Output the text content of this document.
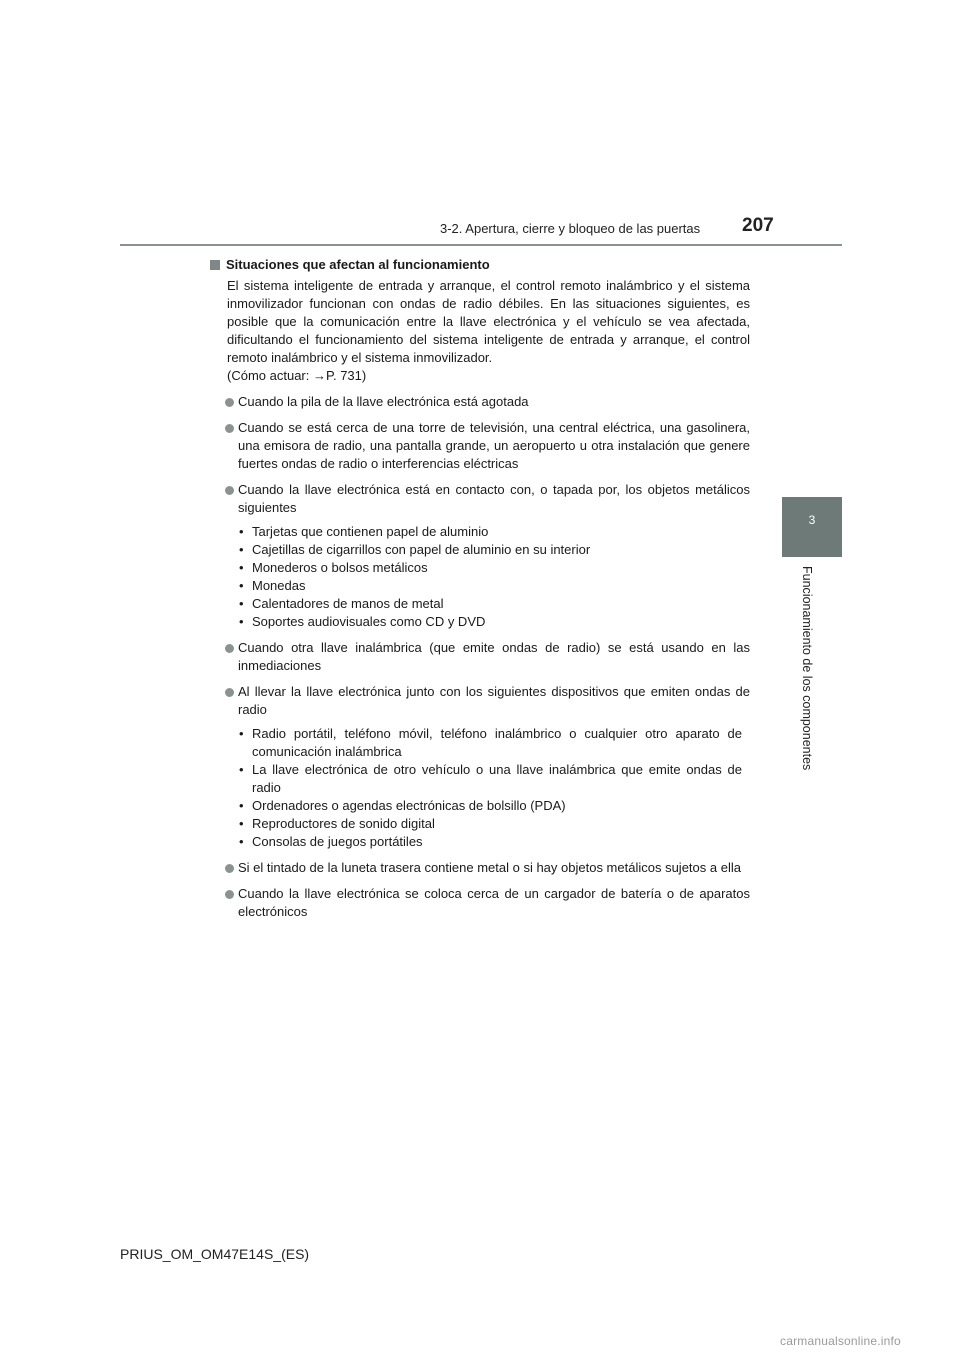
3-2. Apertura, cierre y bloqueo de las puertas 207
3
Funcionamiento de los componentes
Situaciones que afectan al funcionamiento
El sistema inteligente de entrada y arranque, el control remoto inalámbrico y el sistema inmovilizador funcionan con ondas de radio débiles. En las situaciones siguientes, es posible que la comunicación entre la llave electrónica y el vehículo se vea afectada, dificultando el funcionamiento del sistema inteligente de entrada y arranque, el control remoto inalámbrico y el sistema inmovilizador.
(Cómo actuar: →P. 731)
Cuando la pila de la llave electrónica está agotada
Cuando se está cerca de una torre de televisión, una central eléctrica, una gasolinera, una emisora de radio, una pantalla grande, un aeropuerto u otra instalación que genere fuertes ondas de radio o interferencias eléctricas
Cuando la llave electrónica está en contacto con, o tapada por, los objetos metálicos siguientes
• Tarjetas que contienen papel de aluminio
• Cajetillas de cigarrillos con papel de aluminio en su interior
• Monederos o bolsos metálicos
• Monedas
• Calentadores de manos de metal
• Soportes audiovisuales como CD y DVD
Cuando otra llave inalámbrica (que emite ondas de radio) se está usando en las inmediaciones
Al llevar la llave electrónica junto con los siguientes dispositivos que emiten ondas de radio
• Radio portátil, teléfono móvil, teléfono inalámbrico o cualquier otro aparato de comunicación inalámbrica
• La llave electrónica de otro vehículo o una llave inalámbrica que emite ondas de radio
• Ordenadores o agendas electrónicas de bolsillo (PDA)
• Reproductores de sonido digital
• Consolas de juegos portátiles
Si el tintado de la luneta trasera contiene metal o si hay objetos metálicos sujetos a ella
Cuando la llave electrónica se coloca cerca de un cargador de batería o de aparatos electrónicos
PRIUS_OM_OM47E14S_(ES)
carmanualsonline.info
